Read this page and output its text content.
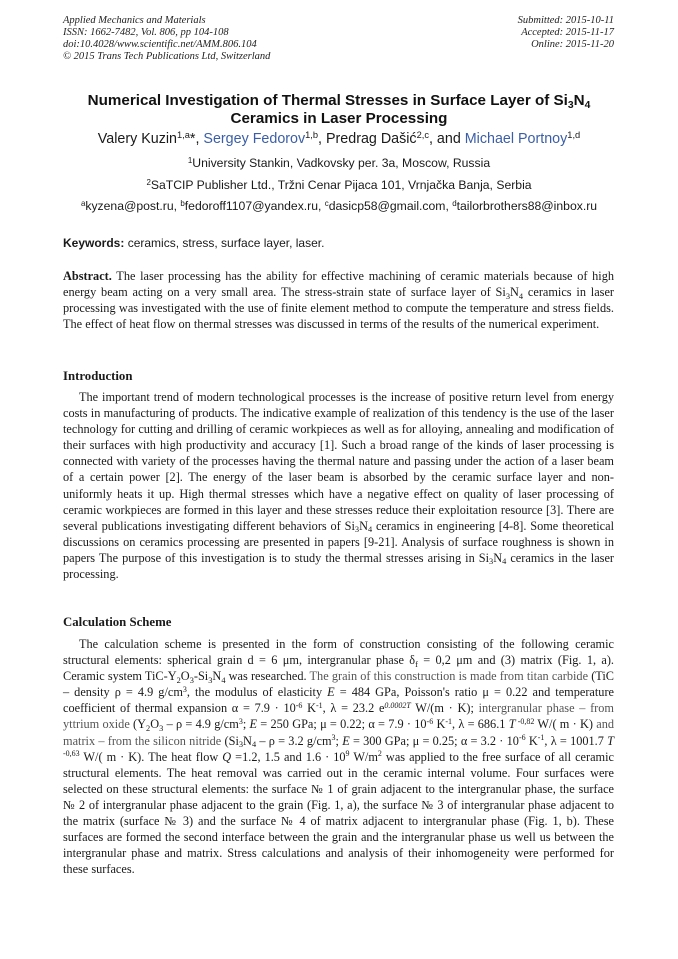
Applied Mechanics and Materials
ISSN: 1662-7482, Vol. 806, pp 104-108
doi:10.4028/www.scientific.net/AMM.806.104
© 2015 Trans Tech Publications Ltd, Switzerland
Submitted: 2015-10-11
Accepted: 2015-11-17
Online: 2015-11-20
Numerical Investigation of Thermal Stresses in Surface Layer of $Si_3N_4$
Ceramics in Laser Processing
Valery Kuzin$^{1,a}$*, Sergey Fedorov$^{1,b}$, Predrag Dašić$^{2,c}$, and Michael Portnoy$^{1,d}$
$^1$University Stankin, Vadkovsky per. 3a, Moscow, Russia
$^2$SaTCIP Publisher Ltd., Tržni Cenar Pijaca 101, Vrnjačka Banja, Serbia
$^a$kyzena@post.ru, $^b$fedoroff1107@yandex.ru, $^c$dasicp58@gmail.com, $^d$tailorbrothers88@inbox.ru
Keywords: ceramics, stress, surface layer, laser.

Abstract. The laser processing has the ability for effective machining of ceramic materials because of high energy beam acting on a very small area. The stress-strain state of surface layer of $Si_3N_4$ ceramics in laser processing was investigated with the use of finite element method to compute the temperature and stress fields. The effect of heat flow on thermal stresses was discussed in terms of the results of the numerical experiment.

Introduction

The important trend of modern technological processes is the increase of positive return level from energy costs in manufacturing of products. The indicative example of realization of this tendency is the use of the laser technology for cutting and drilling of ceramic workpieces as well as for alloying, annealing and modification of their surfaces with high productivity and accuracy [1]. Such a broad range of the kinds of laser processing is connected with variety of the processes having the thermal nature and passing under the action of a laser beam of a certain power [2]. The energy of the laser beam is absorbed by the ceramic surface layer and non-uniformly heats it up. High thermal stresses which have a negative effect on quality of laser processing of ceramic workpieces are formed in this layer and these stresses reduce their exploitation resource [3]. There are several publications investigating different behaviors of $Si_3N_4$ ceramics in engineering [4-8]. Some theoretical discussions on ceramics processing are presented in papers [9-21]. Analysis of surface roughness is shown in papers The purpose of this investigation is to study the thermal stresses arising in $Si_3N_4$ ceramics in the laser processing.

Calculation Scheme

The calculation scheme is presented in the form of construction consisting of the following ceramic structural elements: spherical grain d = 6 μm, intergranular phase $\delta_f = 0,2$ μm and (3) matrix (Fig. 1, a). Ceramic system TiC-$Y_2O_3-Si_3N_4$ was researched. The grain of this construction is made from titan carbide (TiC – density ρ = 4.9 $g/cm^3$, the modulus of elasticity E = 484 GPa, Poisson's ratio μ = 0.22 and temperature coefficient of thermal expansion $\alpha = 7.9 \cdot 10^{-6}$ $K^{-1}$, λ = 23.2 $e^{0.0002T}$ W/(m · K); intergranular phase – from yttrium oxide ($Y_2O_3 - \rho = 4.9$ $g/cm^3$; E = 250 GPa; μ = 0.22; $\alpha = 7.9 \cdot 10^{-6}$ $K^{-1}$, λ = 686.1 T $^{-0,82}$ W/( m · K) and matrix – from the silicon nitride ($Si_3N_4 - \rho = 3.2$ $g/cm^3$; E = 300 GPa; μ = 0.25; $\alpha = 3.2 \cdot 10^{-6}$ $K^{-1}$, λ = 1001.7 T $^{-0,63}$ W/( m · K). The heat flow Q =1.2, 1.5 and $1.6 \cdot 10^9$ $W/m^2$ was applied to the free surface of all ceramic structural elements. The heat removal was carried out in the ceramic internal volume. Four surfaces were selected on these structural elements: the surface № 1 of grain adjacent to the intergranular phase, the surface № 2 of intergranular phase adjacent to the grain (Fig. 1, a), the surface № 3 of intergranular phase adjacent to the matrix (surface № 3) and the surface № 4 of matrix adjacent to intergranular phase (Fig. 1, b). These surfaces are formed the second interface between the grain and the intergranular phase us well us between the intergranular phase and matrix. Stress calculations and analysis of their inhomogeneity were performed for these surfaces.
